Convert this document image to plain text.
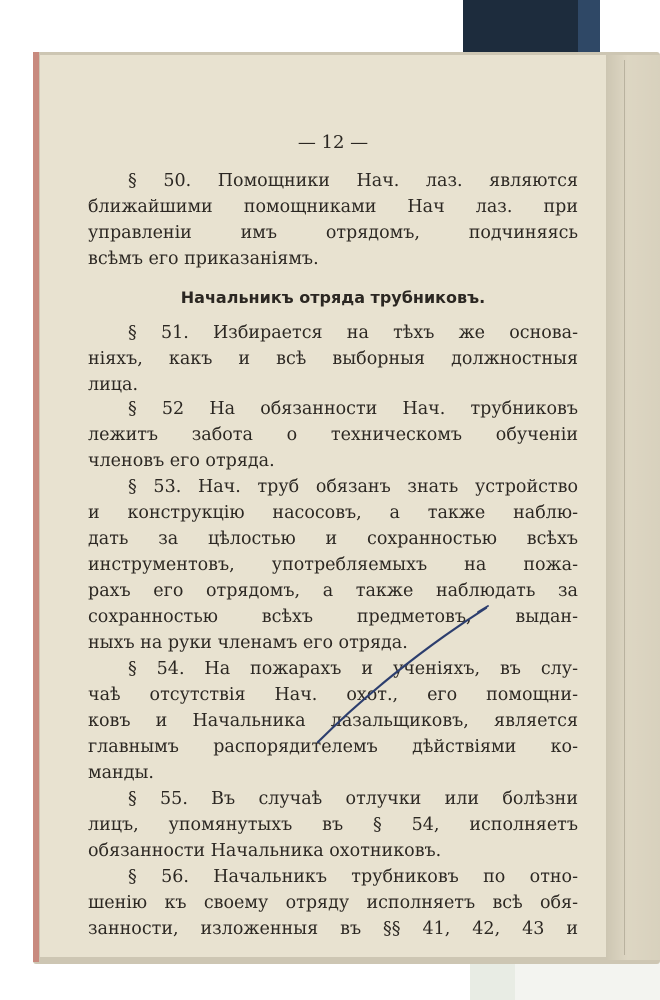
— 12 —
§ 50. Помощники Нач. лаз. являются
ближайшими помощниками Нач лаз. при
управленіи имъ отрядомъ, подчиняясь
всѣмъ его приказаніямъ.
Начальникъ отряда трубниковъ.
§ 51. Избирается на тѣхъ же основа-
ніяхъ, какъ и всѣ выборныя должностныя
лица.
§ 52 На обязанности Нач. трубниковъ
лежитъ забота о техническомъ обученіи
членовъ его отряда.
§ 53. Нач. труб обязанъ знать устройство
и конструкцію насосовъ, а также наблю-
дать за цѣлостью и сохранностью всѣхъ
инструментовъ, употребляемыхъ на пожа-
рахъ его отрядомъ, а также наблюдать за
сохранностью всѣхъ предметовъ, выдан-
ныхъ на руки членамъ его отряда.
§ 54. На пожарахъ и ученіяхъ, въ слу-
чаѣ отсутствія Нач. охот., его помощни-
ковъ и Начальника лазальщиковъ, является
главнымъ распорядителемъ дѣйствіями ко-
манды.
§ 55. Въ случаѣ отлучки или болѣзни
лицъ, упомянутыхъ въ § 54, исполняетъ
обязанности Начальника охотниковъ.
§ 56. Начальникъ трубниковъ по отно-
шенію къ своему отряду исполняетъ всѣ обя-
занности, изложенныя въ §§ 41, 42, 43 и
